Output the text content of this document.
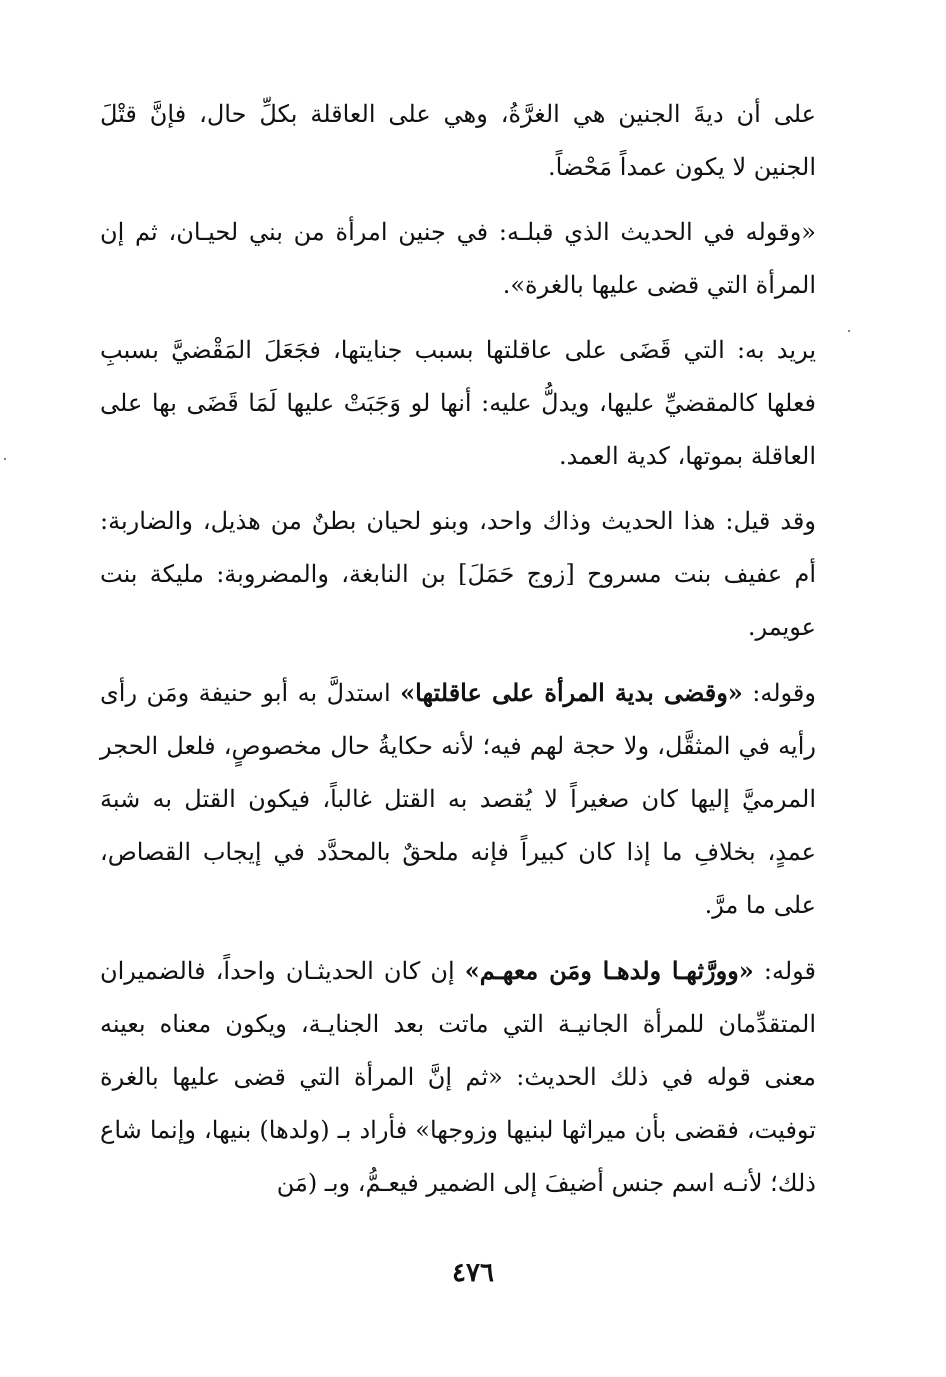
على أن ديةَ الجنين هي الغرَّةُ، وهي على العاقلة بكلِّ حال، فإنَّ قتْلَ الجنين لا يكون عمداً مَحْضاً.

«وقوله في الحديث الذي قبلـه: في جنين امرأة من بني لحيـان، ثم إن المرأة التي قضى عليها بالغرة».

يريد به: التي قَضَى على عاقلتها بسبب جنايتها، فجَعَلَ المَقْضيَّ بسببِ فعلها كالمقضيِّ عليها، ويدلُّ عليه: أنها لو وَجَبَتْ عليها لَمَا قَضَى بها على العاقلة بموتها، كدية العمد.

وقد قيل: هذا الحديث وذاك واحد، وبنو لحيان بطنٌ من هذيل، والضاربة: أم عفيف بنت مسروح [زوج حَمَلَ] بن النابغة، والمضروبة: مليكة بنت عويمر.

وقوله: «وقضى بدية المرأة على عاقلتها» استدلَّ به أبو حنيفة ومَن رأى رأيه في المثقَّل، ولا حجة لهم فيه؛ لأنه حكايةُ حال مخصوصٍ، فلعل الحجر المرميَّ إليها كان صغيراً لا يُقصد به القتل غالباً، فيكون القتل به شبهَ عمدٍ، بخلافِ ما إذا كان كبيراً فإنه ملحقٌ بالمحدَّد في إيجاب القصاص، على ما مرَّ.

قوله: «وورَّثهـا ولدهـا ومَن معهـم» إن كان الحديثـان واحداً، فالضميران المتقدِّمان للمرأة الجانيـة التي ماتت بعد الجنايـة، ويكون معناه بعينه معنى قوله في ذلك الحديث: «ثم إنَّ المرأة التي قضى عليها بالغرة توفيت، فقضى بأن ميراثها لبنيها وزوجها» فأراد بـ (ولدها) بنيها، وإنما شاع ذلك؛ لأنـه اسم جنس أضيفَ إلى الضمير فيعـمُّ، وبـ (مَن

٤٧٦
